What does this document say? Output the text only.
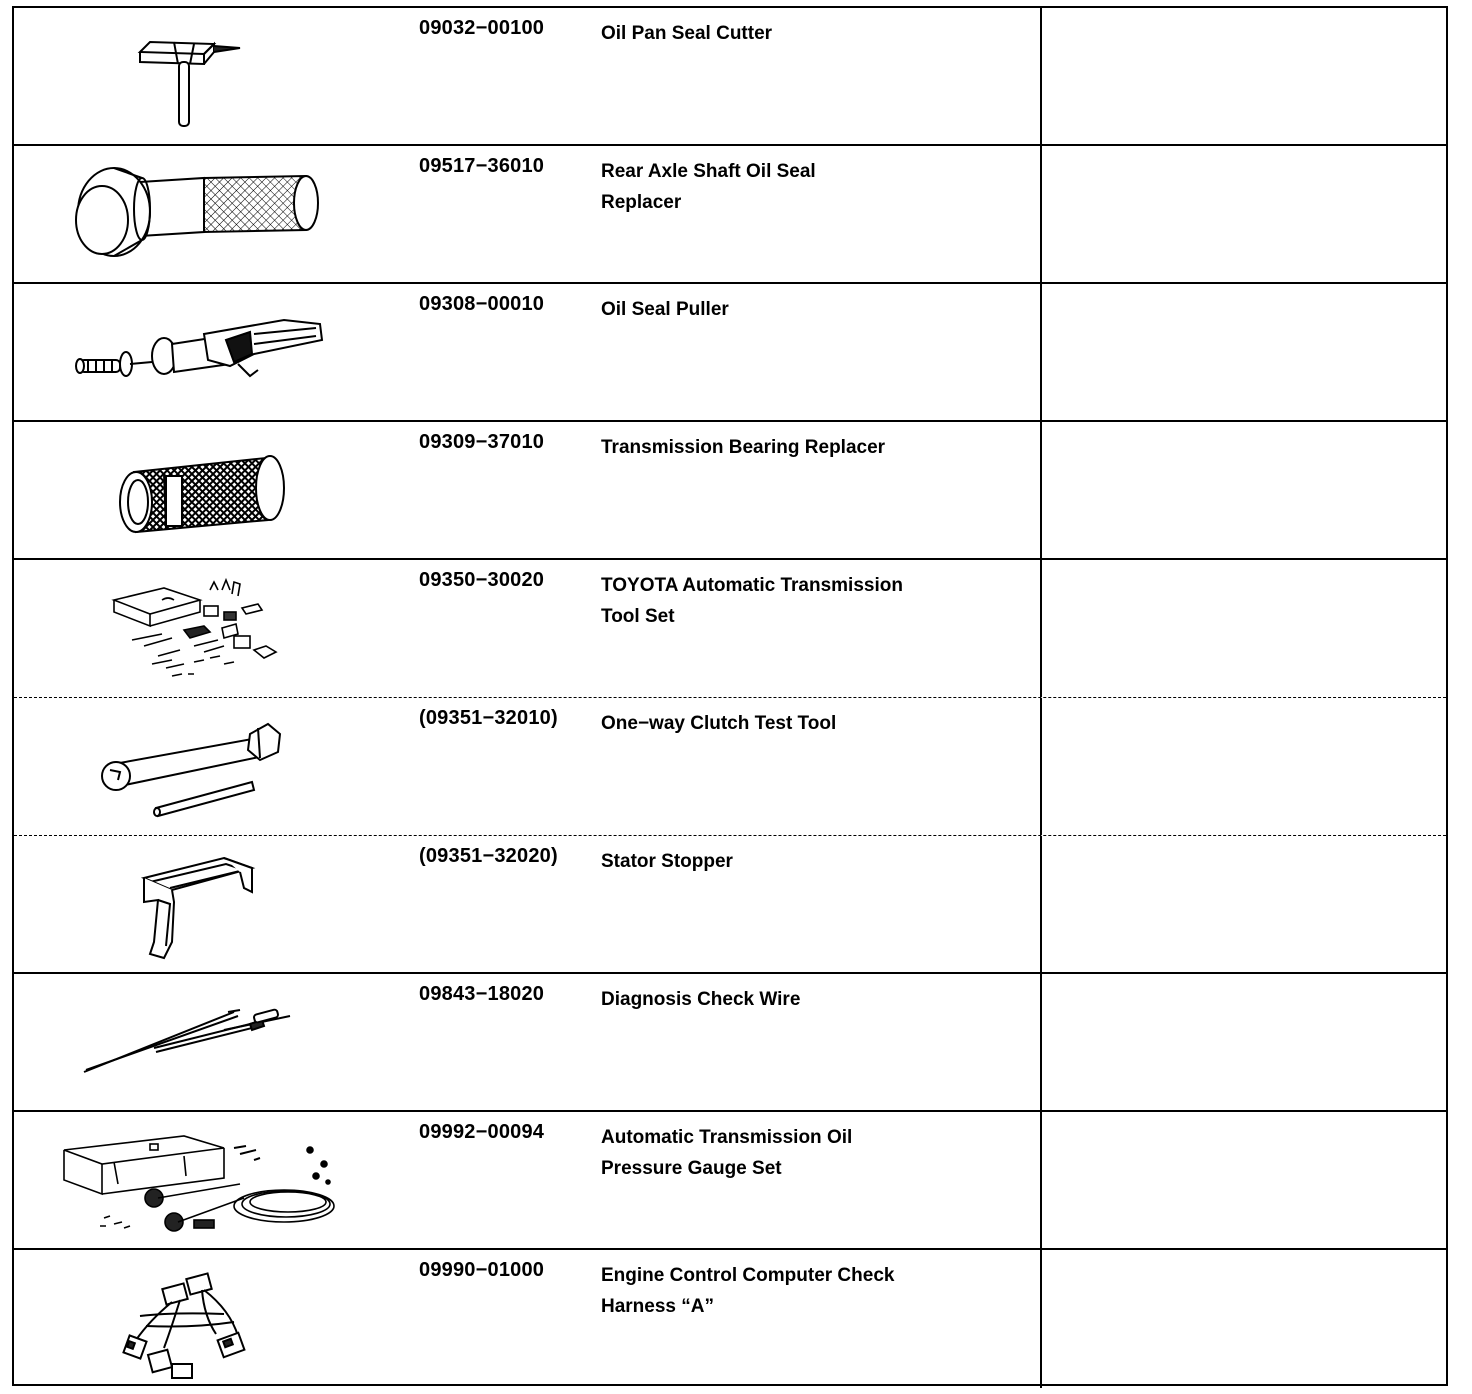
09032−00100	Oil Pan Seal Cutter
09517−36010	Rear Axle Shaft Oil Seal
Replacer
09308−00010	Oil Seal Puller
09309−37010	Transmission Bearing Replacer
09350−30020	TOYOTA Automatic Transmission
Tool Set
(09351−32010) One−way Clutch Test Tool
(09351−32020) Stator Stopper
09843−18020	Diagnosis Check Wire
09992−00094	Automatic Transmission Oil
Pressure Gauge Set
09990−01000	Engine Control Computer Check
Harness “A”
